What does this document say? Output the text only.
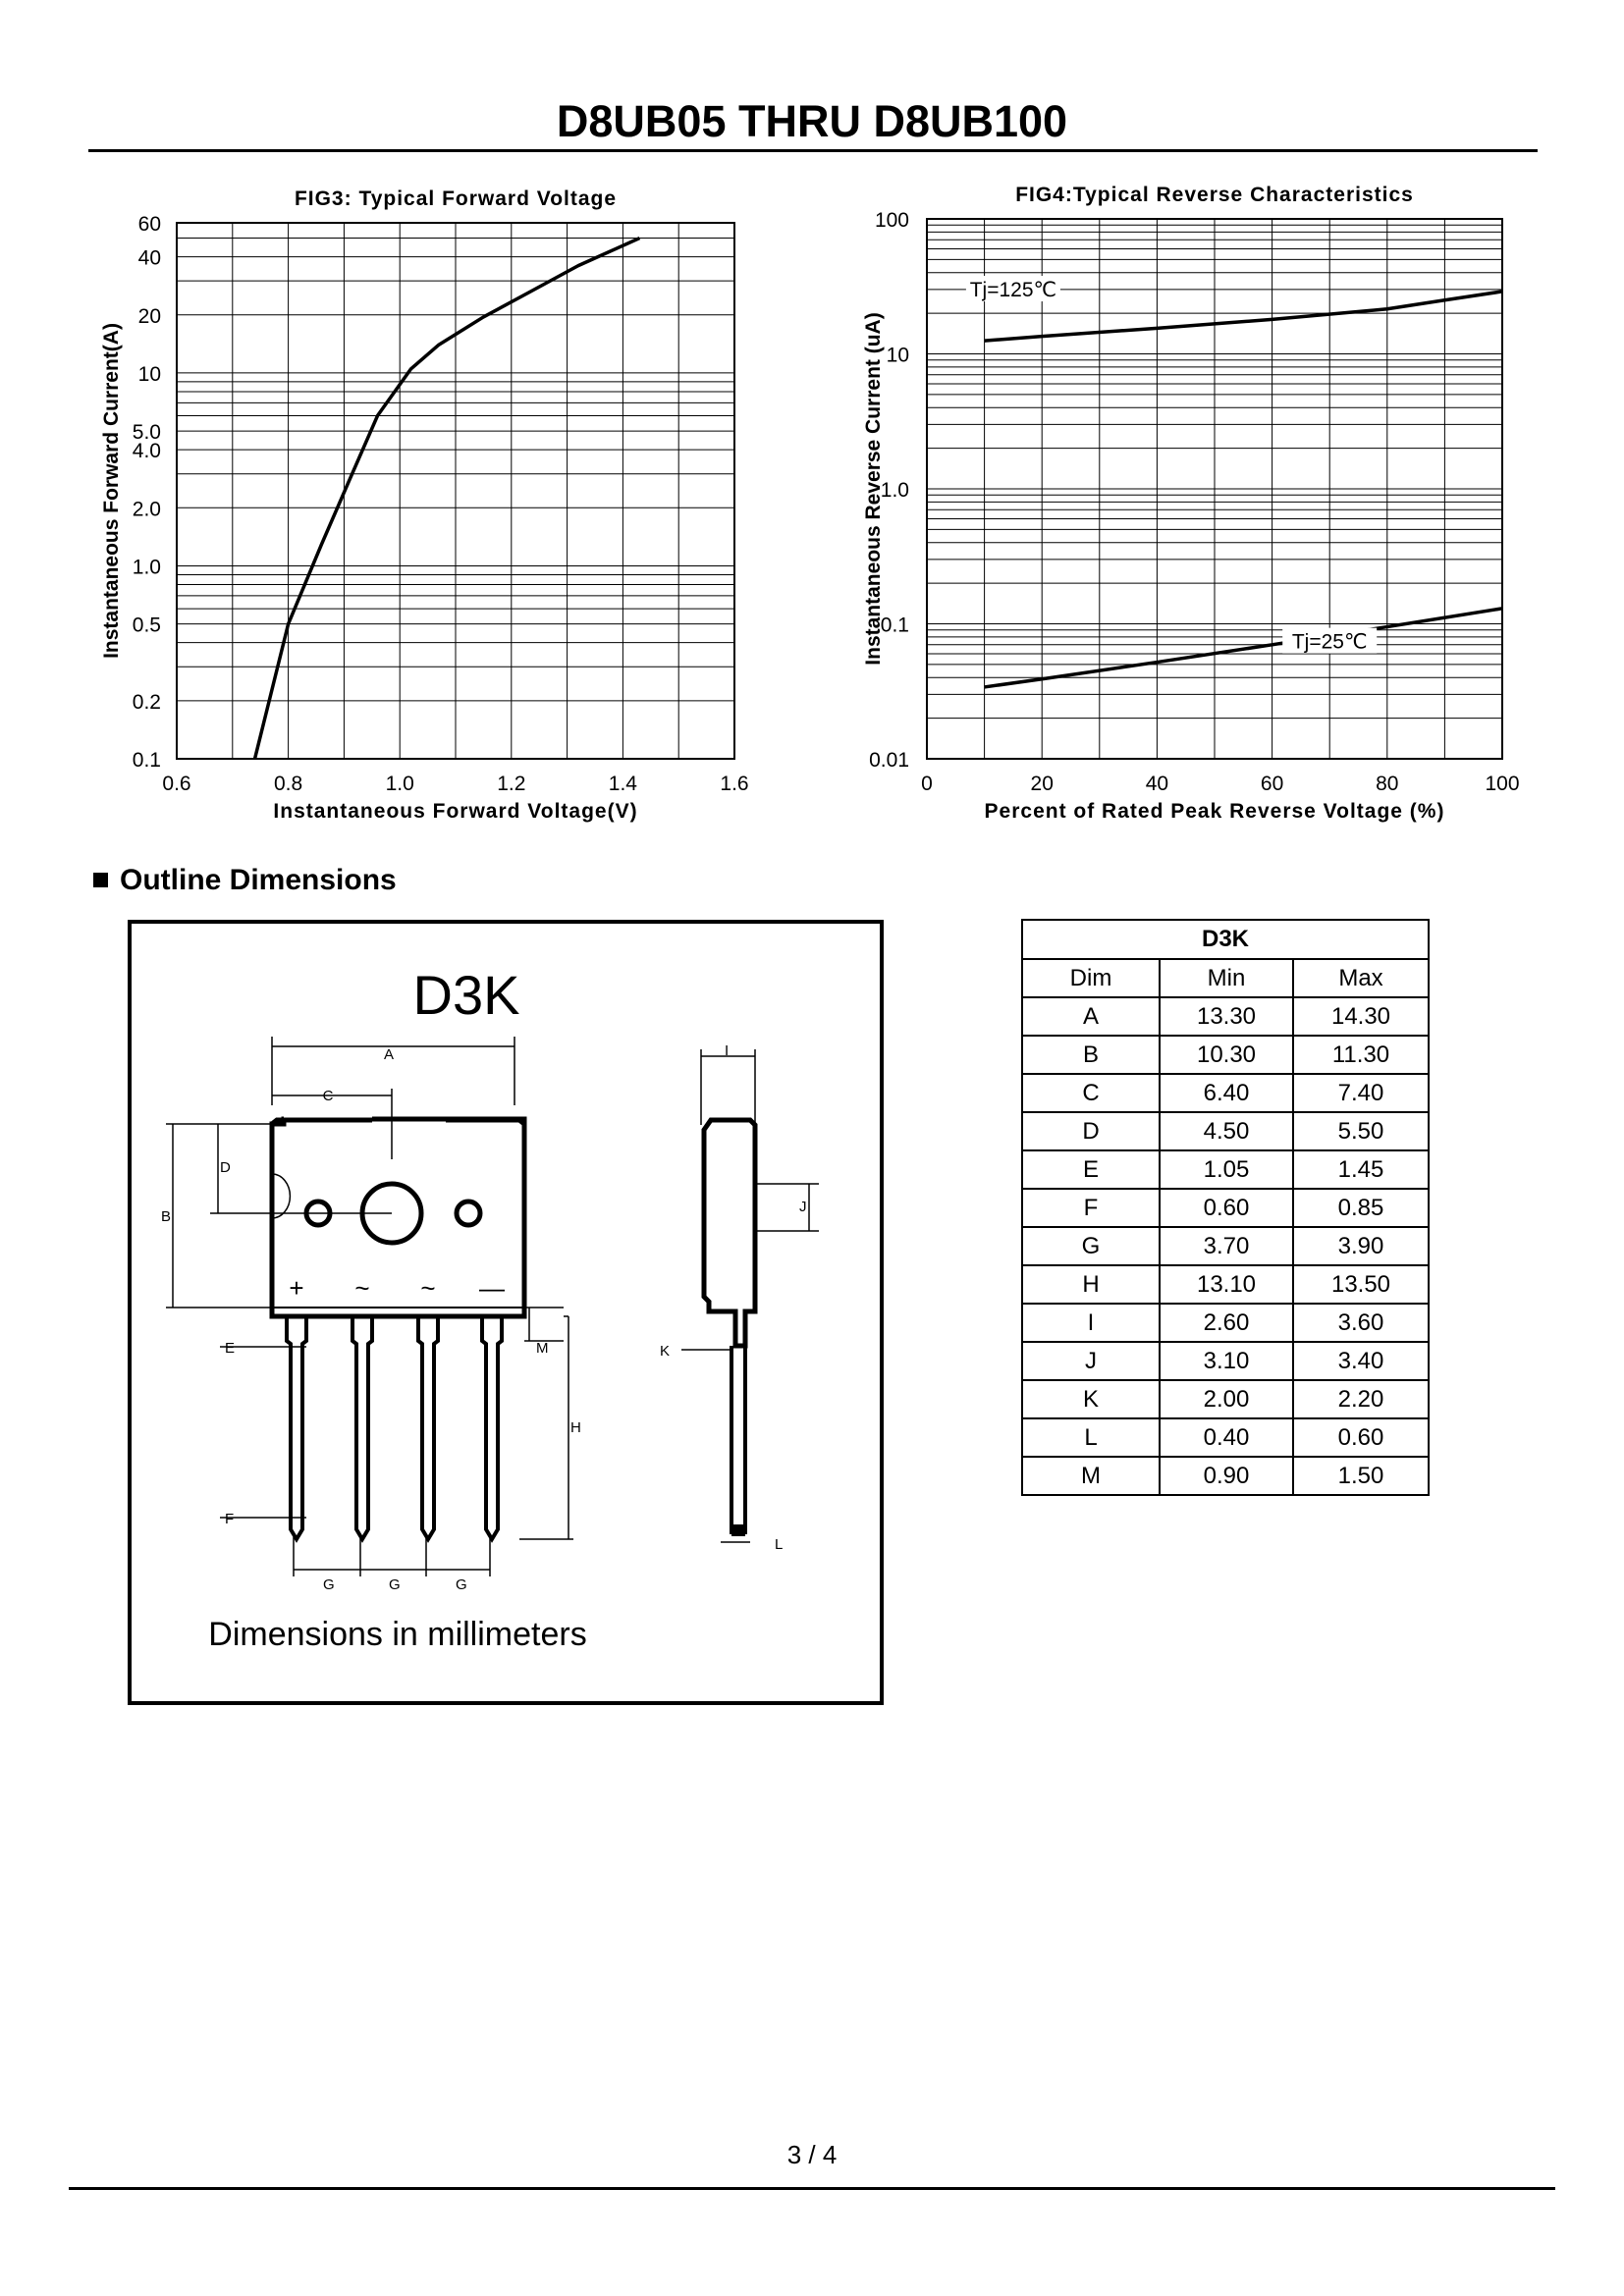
D8UB05 THRU D8UB100
FIG3: Typical Forward Voltage
Instantaneous Forward Voltage(V)
Instantaneous Forward Current(A)
0.6	0.8	1.0	1.2	1.4	1.6
0.1
0.2
0.5
1.0
2.0
4.0
5.0
10
20
40
60
FIG4:Typical Reverse Characteristics
Percent of Rated Peak Reverse Voltage (%)
Instantaneous Reverse Current (uA)
0	20	40	60	80	100
0.01
0.1
1.0
10
100
Tj=125℃
Tj=25℃
Outline Dimensions
D3K
A
C
B
D
E
F
G	G	G
H
M
I
J
K
L
+ ~ ~ —
Dimensions in millimeters
D3K		
Dim	Min	Max
A	13.30	14.30
B	10.30	11.30
C	6.40	7.40
D	4.50	5.50
E	1.05	1.45
F	0.60	0.85
G	3.70	3.90
H	13.10	13.50
I	2.60	3.60
J	3.10	3.40
K	2.00	2.20
L	0.40	0.60
M	0.90	1.50
3 / 4
